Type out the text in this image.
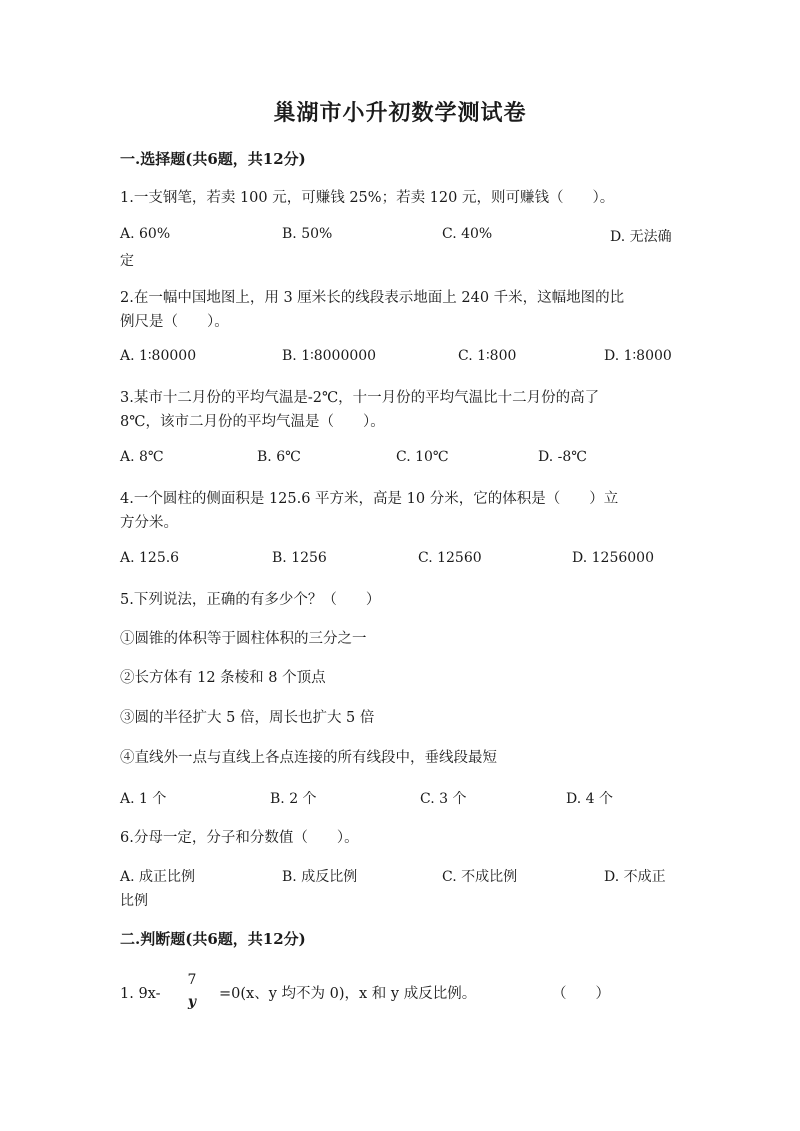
巢湖市小升初数学测试卷
一.选择题(共6题，共12分)
1.一支钢笔，若卖 100 元，可赚钱 25%；若卖 120 元，则可赚钱（　　）。
A. 60%	B. 50%	C. 40%	D. 无法确
定
2.在一幅中国地图上，用 3 厘米长的线段表示地面上 240 千米，这幅地图的比
例尺是（　　）。
A. 1∶80000	B. 1∶8000000	C. 1∶800	D. 1∶8000
3.某市十二月份的平均气温是-2℃，十一月份的平均气温比十二月份的高了
8℃，该市二月份的平均气温是（　　）。
A. 8℃	B. 6℃	C. 10℃	D. -8℃
4.一个圆柱的侧面积是 125.6 平方米，高是 10 分米，它的体积是（　　）立
方分米。
A. 125.6	B. 1256	C. 12560	D. 1256000
5.下列说法，正确的有多少个？（　　）
①圆锥的体积等于圆柱体积的三分之一
②长方体有 12 条棱和 8 个顶点
③圆的半径扩大 5 倍，周长也扩大 5 倍
④直线外一点与直线上各点连接的所有线段中，垂线段最短
A. 1 个	B. 2 个	C. 3 个	D. 4 个
6.分母一定，分子和分数值（　　）。
A. 成正比例	B. 成反比例	C. 不成比例	D. 不成正
比例
二.判断题(共6题，共12分)
1. 9x-
7
y =0(x、y 均不为 0)，x 和 y 成反比例。	（　　）
